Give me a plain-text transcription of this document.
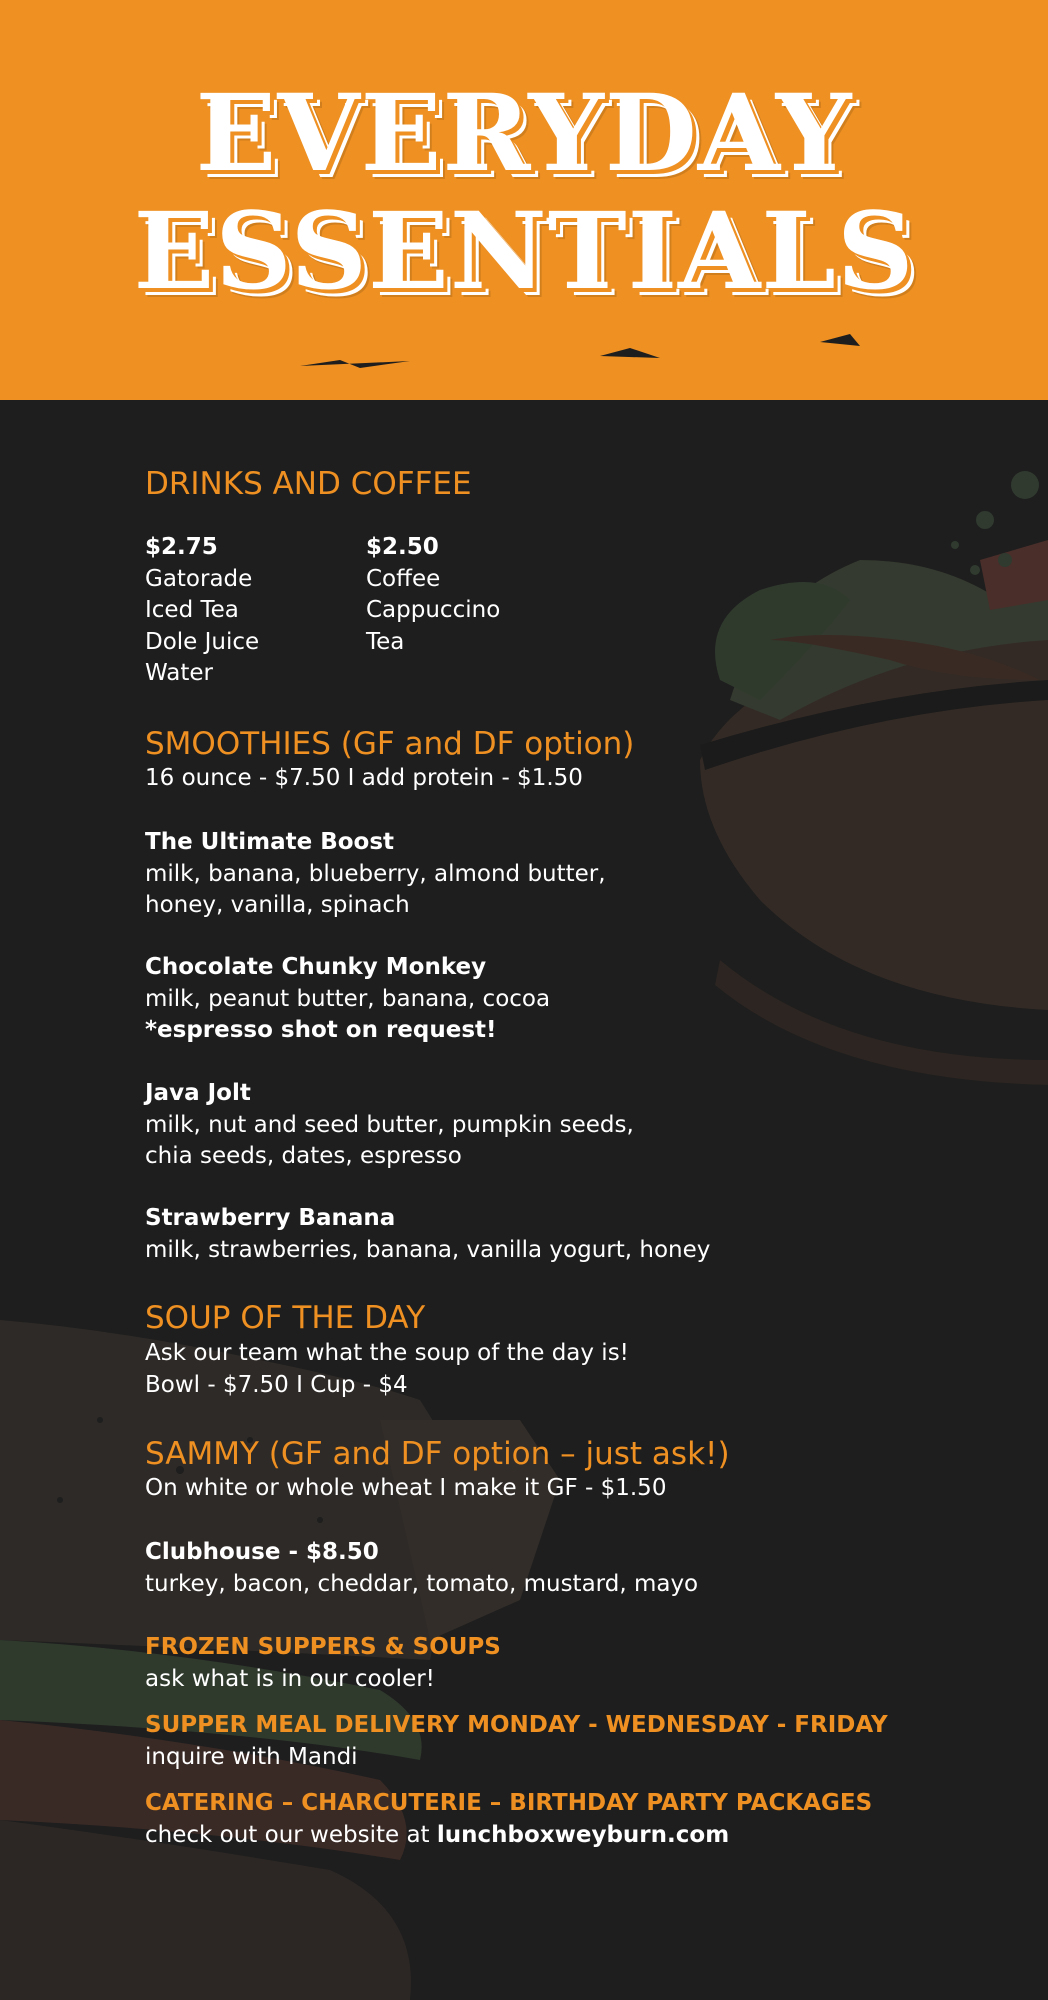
EVERYDAY
ESSENTIALS
DRINKS AND COFFEE
$2.75
Gatorade
Iced Tea
Dole Juice
Water
$2.50
Coffee
Cappuccino
Tea
SMOOTHIES (GF and DF option)
16 ounce - $7.50 I add protein - $1.50
The Ultimate Boost
milk, banana, blueberry, almond butter,
honey, vanilla, spinach
Chocolate Chunky Monkey
milk, peanut butter, banana, cocoa
*espresso shot on request!
Java Jolt
milk, nut and seed butter, pumpkin seeds,
chia seeds, dates, espresso
Strawberry Banana
milk, strawberries, banana, vanilla yogurt, honey
SOUP OF THE DAY
Ask our team what the soup of the day is!
Bowl - $7.50 I Cup - $4
SAMMY (GF and DF option – just ask!)
On white or whole wheat I make it GF - $1.50
Clubhouse - $8.50
turkey, bacon, cheddar, tomato, mustard, mayo
FROZEN SUPPERS & SOUPS
ask what is in our cooler!
SUPPER MEAL DELIVERY MONDAY - WEDNESDAY - FRIDAY
inquire with Mandi
CATERING – CHARCUTERIE – BIRTHDAY PARTY PACKAGES
check out our website at lunchboxweyburn.com
